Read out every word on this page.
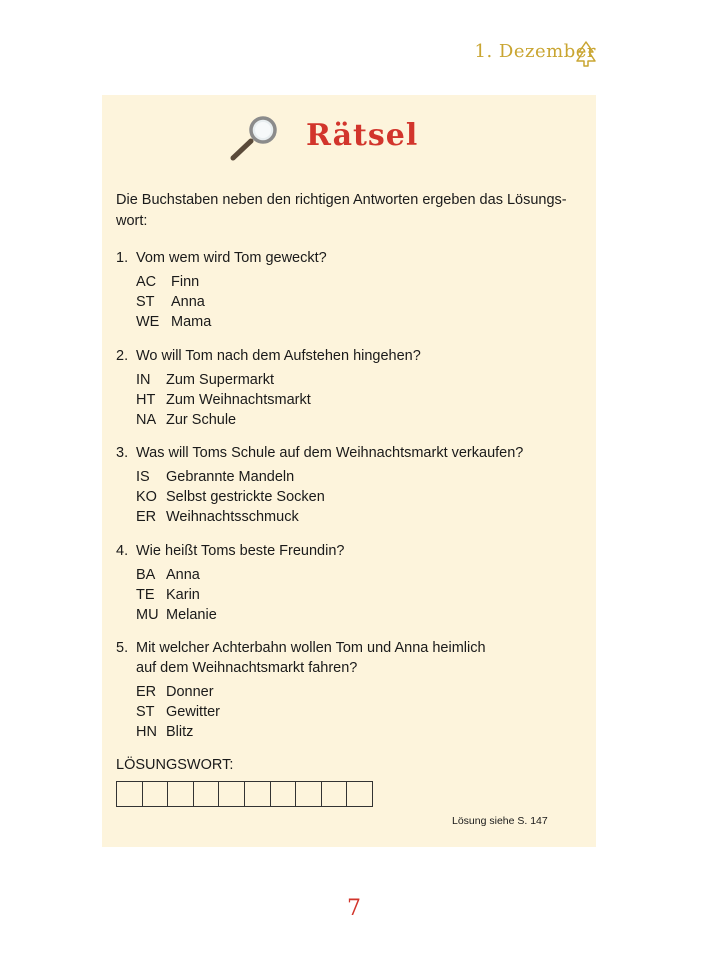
1. Dezember
Rätsel

Die Buchstaben neben den richtigen Antworten ergeben das Lösungs-wort:

1. Vom wem wird Tom geweckt?
AC	Finn
ST	Anna
WE Mama
2. Wo will Tom nach dem Aufstehen hingehen?
IN	Zum Supermarkt
HT Zum Weihnachtsmarkt
NA Zur Schule
3. Was will Toms Schule auf dem Weihnachtsmarkt verkaufen?
IS	Gebrannte Mandeln
KO Selbst gestrickte Socken
ER Weihnachtsschmuck
4. Wie heißt Toms beste Freundin?
BA Anna
TE Karin
MU Melanie
5. Mit welcher Achterbahn wollen Tom und Anna heimlich
auf dem Weihnachtsmarkt fahren?
ER Donner
ST Gewitter
HN Blitz
LÖSUNGSWORT:
Lösung siehe S. 147
7
